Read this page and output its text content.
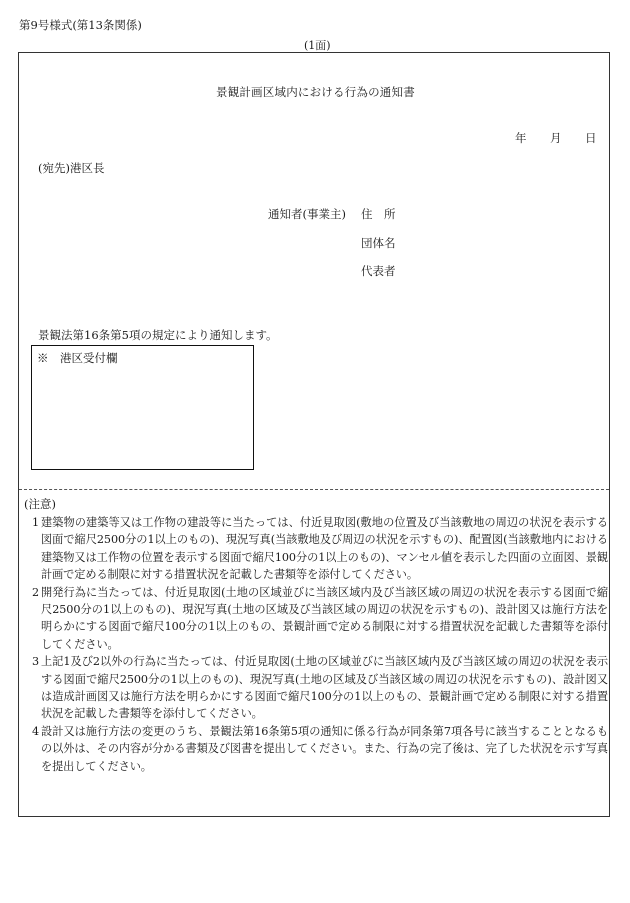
第9号様式(第13条関係)
(1面)
景観計画区域内における行為の通知書
年 月 日
(宛先)港区長
通知者(事業主) 住　所
団体名
代表者
景観法第16条第5項の規定により通知します。
※　港区受付欄
(注意)
1 建築物の建築等又は工作物の建設等に当たっては、付近見取図(敷地の位置及び当該敷地の周辺の状況を表示する図面で縮尺2500分の1以上のもの)、現況写真(当該敷地及び周辺の状況を示すもの)、配置図(当該敷地内における建築物又は工作物の位置を表示する図面で縮尺100分の1以上のもの)、マンセル値を表示した四面の立面図、景観計画で定める制限に対する措置状況を記載した書類等を添付してください。
2 開発行為に当たっては、付近見取図(土地の区域並びに当該区域内及び当該区域の周辺の状況を表示する図面で縮尺2500分の1以上のもの)、現況写真(土地の区域及び当該区域の周辺の状況を示すもの)、設計図又は施行方法を明らかにする図面で縮尺100分の1以上のもの、景観計画で定める制限に対する措置状況を記載した書類等を添付してください。
3 上記1及び2以外の行為に当たっては、付近見取図(土地の区域並びに当該区域内及び当該区域の周辺の状況を表示する図面で縮尺2500分の1以上のもの)、現況写真(土地の区域及び当該区域の周辺の状況を示すもの)、設計図又は造成計画図又は施行方法を明らかにする図面で縮尺100分の1以上のもの、景観計画で定める制限に対する措置状況を記載した書類等を添付してください。
4 設計又は施行方法の変更のうち、景観法第16条第5項の通知に係る行為が同条第7項各号に該当することとなるもの以外は、その内容が分かる書類及び図書を提出してください。また、行為の完了後は、完了した状況を示す写真を提出してください。
